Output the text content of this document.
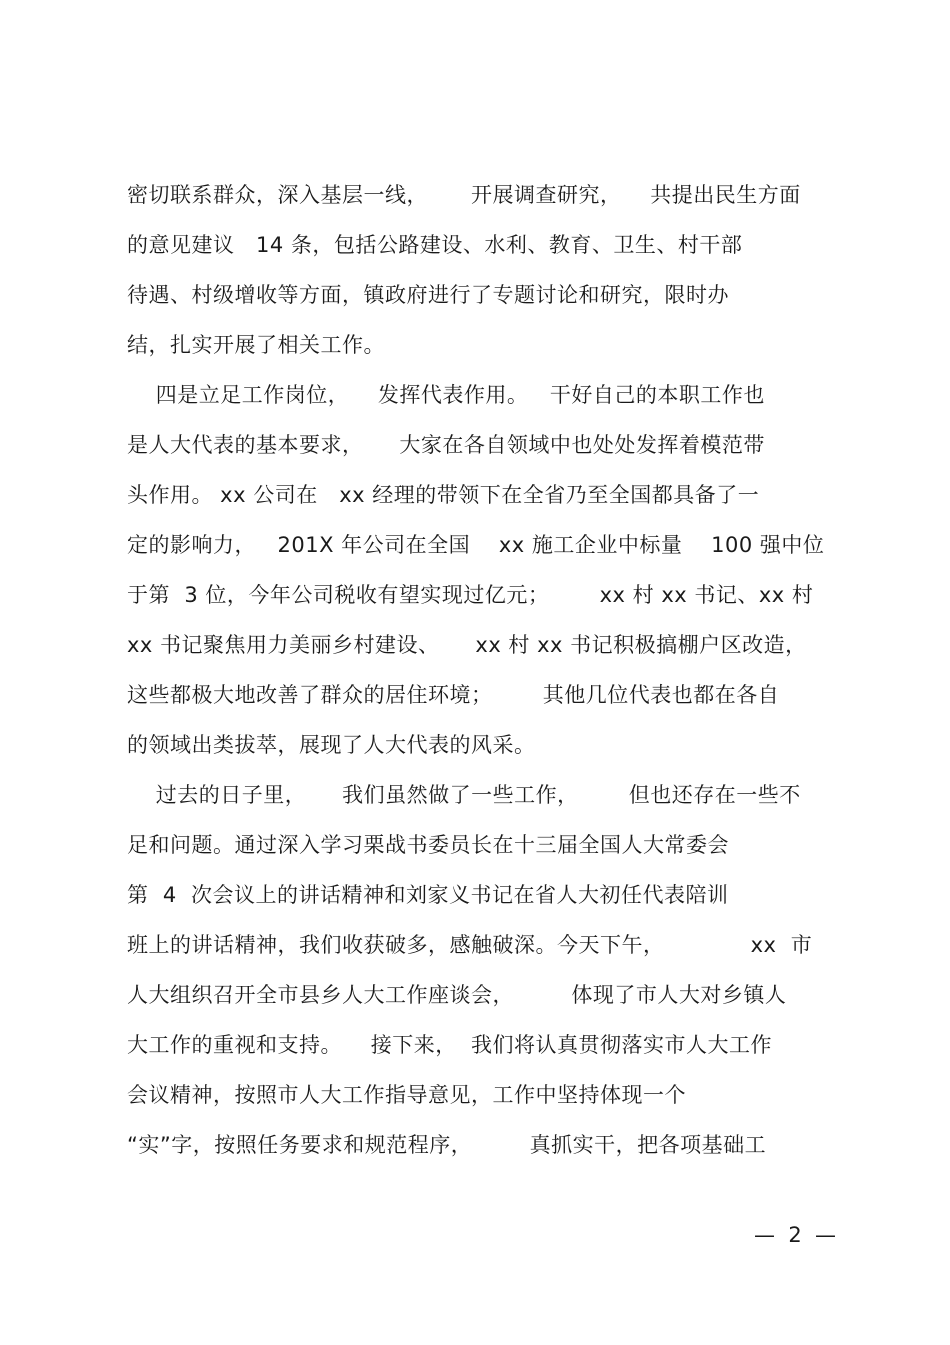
密切联系群众，深入基层一线，      开展调查研究，    共提出民生方面
的意见建议   14 条，包括公路建设、水利、教育、卫生、村干部
待遇、村级增收等方面，镇政府进行了专题讨论和研究，限时办
结，扎实开展了相关工作。
四是立足工作岗位，    发挥代表作用。   干好自己的本职工作也
是人大代表的基本要求，     大家在各自领域中也处处发挥着模范带
头作用。 xx 公司在   xx 经理的带领下在全省乃至全国都具备了一
定的影响力，   201X 年公司在全国    xx 施工企业中标量    100 强中位
于第  3 位，今年公司税收有望实现过亿元；       xx 村 xx 书记、xx 村
xx 书记聚焦用力美丽乡村建设、     xx 村 xx 书记积极搞棚户区改造，
这些都极大地改善了群众的居住环境；       其他几位代表也都在各自
的领域出类拔萃，展现了人大代表的风采。
过去的日子里，     我们虽然做了一些工作，       但也还存在一些不
足和问题。通过深入学习栗战书委员长在十三届全国人大常委会
第  4  次会议上的讲话精神和刘家义书记在省人大初任代表陪训
班上的讲话精神，我们收获破多，感触破深。今天下午，            xx  市
人大组织召开全市县乡人大工作座谈会，        体现了市人大对乡镇人
大工作的重视和支持。    接下来，  我们将认真贯彻落实市人大工作
会议精神，按照市人大工作指导意见，工作中坚持体现一个
“实”字，按照任务要求和规范程序，        真抓实干，把各项基础工
—  2  —
